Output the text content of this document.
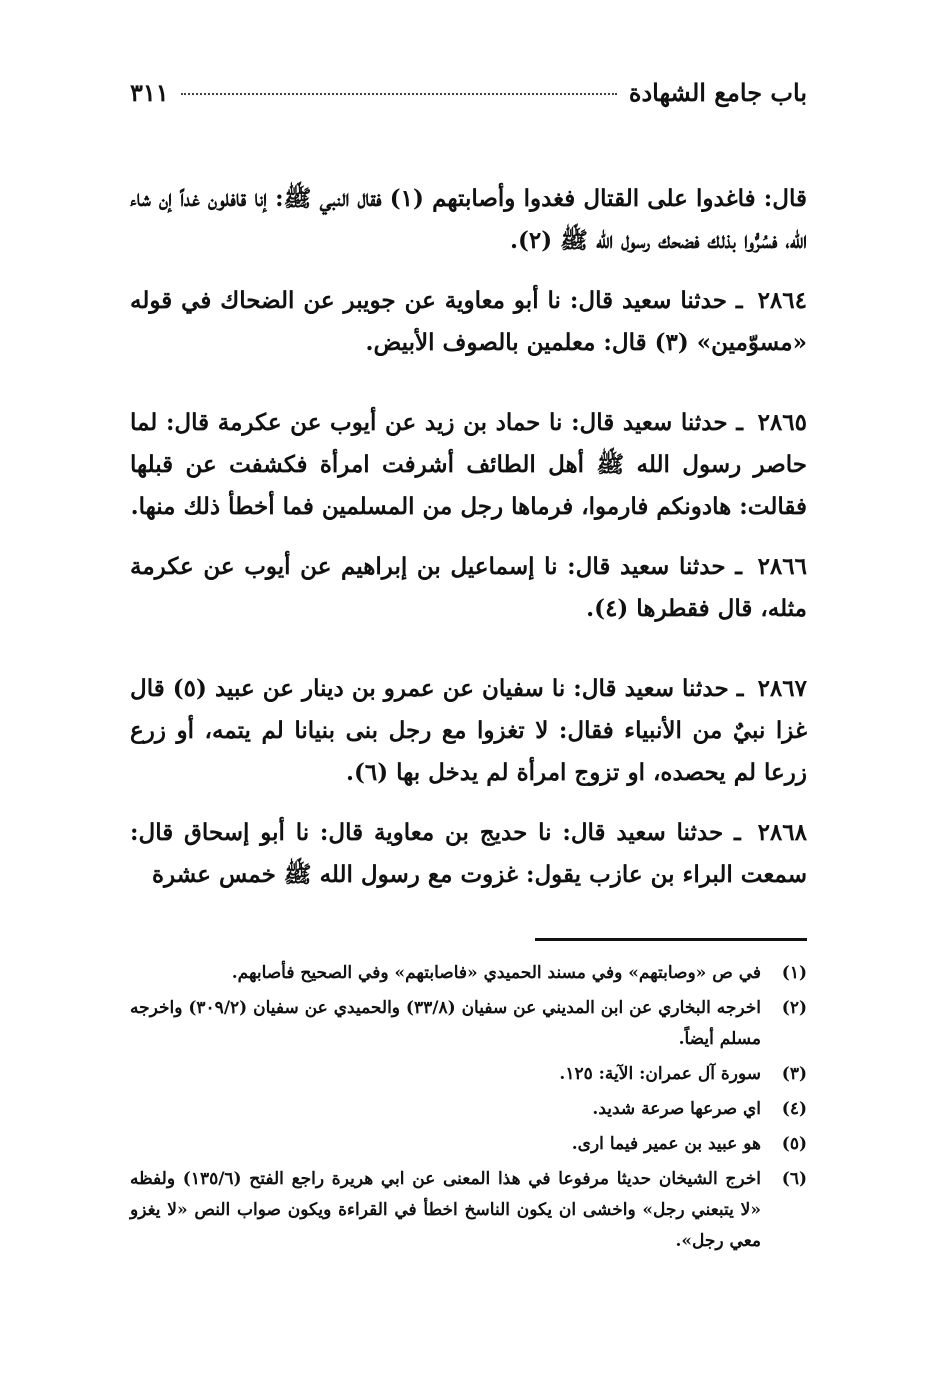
باب جامع الشهادة
٣١١

قال: فاغدوا على القتال فغدوا وأصابتهم (١) فقال النبي ﷺ: إنا قافلون غداً إن شاء الله، فسُرُّوا بذلك فضحك رسول الله ﷺ (٢).

٢٨٦٤ ـ حدثنا سعيد قال: نا أبو معاوية عن جويبر عن الضحاك في قوله «مسوّمين» (٣) قال: معلمين بالصوف الأبيض.

٢٨٦٥ ـ حدثنا سعيد قال: نا حماد بن زيد عن أيوب عن عكرمة قال: لما حاصر رسول الله ﷺ أهل الطائف أشرفت امرأة فكشفت عن قبلها فقالت: هادونكم فارموا، فرماها رجل من المسلمين فما أخطأ ذلك منها.

٢٨٦٦ ـ حدثنا سعيد قال: نا إسماعيل بن إبراهيم عن أيوب عن عكرمة مثله، قال فقطرها (٤).

٢٨٦٧ ـ حدثنا سعيد قال: نا سفيان عن عمرو بن دينار عن عبيد (٥) قال غزا نبيٌ من الأنبياء فقال: لا تغزوا مع رجل بنى بنيانا لم يتمه، أو زرع زرعا لم يحصده، او تزوج امرأة لم يدخل بها (٦).

٢٨٦٨ ـ حدثنا سعيد قال: نا حديج بن معاوية قال: نا أبو إسحاق قال: سمعت البراء بن عازب يقول: غزوت مع رسول الله ﷺ خمس عشرة

(١)
في ص «وصابتهم» وفي مسند الحميدي «فاصابتهم» وفي الصحيح فأصابهم.
(٢)
اخرجه البخاري عن ابن المديني عن سفيان (٣٣/٨) والحميدي عن سفيان (٣٠٩/٢) واخرجه مسلم أيضاً.
(٣)
سورة آل عمران: الآية: ١٢٥.
(٤)
اي صرعها صرعة شديد.
(٥)
هو عبيد بن عمير فيما ارى.
(٦)
اخرج الشيخان حديثا مرفوعا في هذا المعنى عن ابي هريرة راجع الفتح (١٣٥/٦) ولفظه «لا يتبعني رجل» واخشى ان يكون الناسخ اخطأ في القراءة ويكون صواب النص «لا يغزو معي رجل».
